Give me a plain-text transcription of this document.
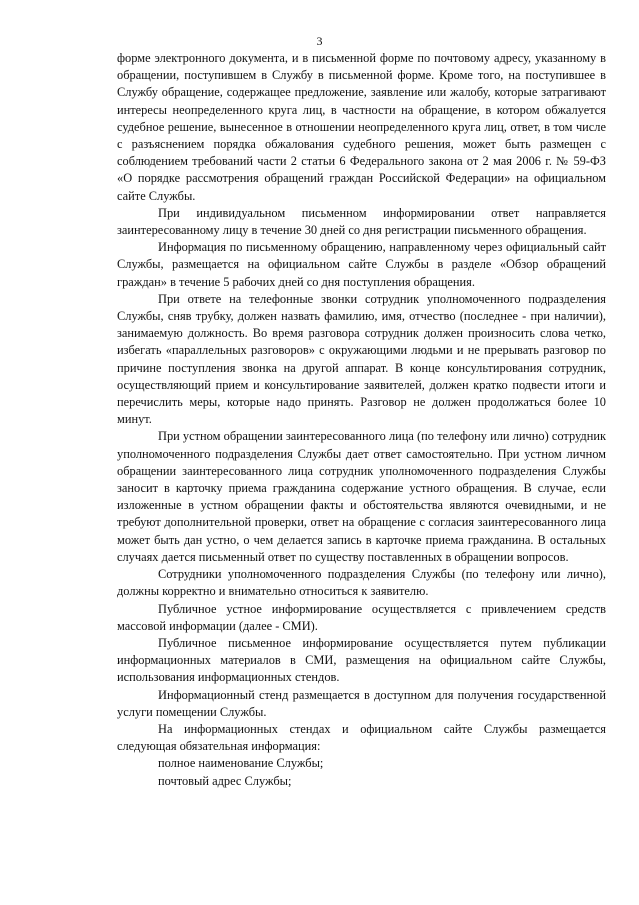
3

форме электронного документа, и в письменной форме по почтовому адресу, указанному в обращении, поступившем в Службу в письменной форме. Кроме того, на поступившее в Службу обращение, содержащее предложение, заявление или жалобу, которые затрагивают интересы неопределенного круга лиц, в частности на обращение, в котором обжалуется судебное решение, вынесенное в отношении неопределенного круга лиц, ответ, в том числе с разъяснением порядка обжалования судебного решения, может быть размещен с соблюдением требований части 2 статьи 6 Федерального закона от 2 мая 2006 г. № 59-ФЗ «О порядке рассмотрения обращений граждан Российской Федерации» на официальном сайте Службы.

При индивидуальном письменном информировании ответ направляется заинтересованному лицу в течение 30 дней со дня регистрации письменного обращения.

Информация по письменному обращению, направленному через официальный сайт Службы, размещается на официальном сайте Службы в разделе «Обзор обращений граждан» в течение 5 рабочих дней со дня поступления обращения.

При ответе на телефонные звонки сотрудник уполномоченного подразделения Службы, сняв трубку, должен назвать фамилию, имя, отчество (последнее - при наличии), занимаемую должность. Во время разговора сотрудник должен произносить слова четко, избегать «параллельных разговоров» с окружающими людьми и не прерывать разговор по причине поступления звонка на другой аппарат. В конце консультирования сотрудник, осуществляющий прием и консультирование заявителей, должен кратко подвести итоги и перечислить меры, которые надо принять. Разговор не должен продолжаться более 10 минут.

При устном обращении заинтересованного лица (по телефону или лично) сотрудник уполномоченного подразделения Службы дает ответ самостоятельно. При устном личном обращении заинтересованного лица сотрудник уполномоченного подразделения Службы заносит в карточку приема гражданина содержание устного обращения. В случае, если изложенные в устном обращении факты и обстоятельства являются очевидными, и не требуют дополнительной проверки, ответ на обращение с согласия заинтересованного лица может быть дан устно, о чем делается запись в карточке приема гражданина. В остальных случаях дается письменный ответ по существу поставленных в обращении вопросов.

Сотрудники уполномоченного подразделения Службы (по телефону или лично), должны корректно и внимательно относиться к заявителю.

Публичное устное информирование осуществляется с привлечением средств массовой информации (далее - СМИ).

Публичное письменное информирование осуществляется путем публикации информационных материалов в СМИ, размещения на официальном сайте Службы, использования информационных стендов.

Информационный стенд размещается в доступном для получения государственной услуги помещении Службы.

На информационных стендах и официальном сайте Службы размещается следующая обязательная информация:

полное наименование Службы;

почтовый адрес Службы;
